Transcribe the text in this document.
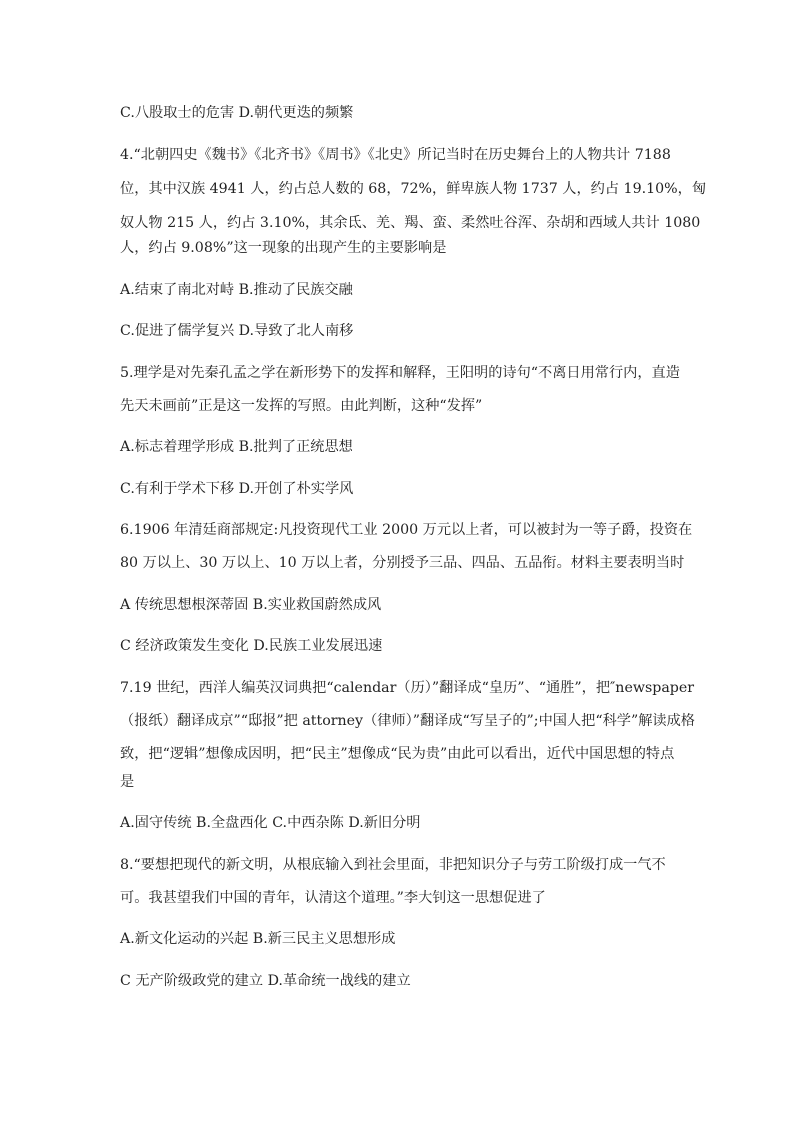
C.八股取士的危害 D.朝代更迭的频繁
4.“北朝四史《魏书》《北齐书》《周书》《北史》所记当时在历史舞台上的人物共计 7188
位，其中汉族 4941 人，约占总人数的 68，72%，鲜卑族人物 1737 人，约占 19.10%，匈
奴人物 215 人，约占 3.10%，其余氐、羌、羯、蛮、柔然吐谷浑、杂胡和西域人共计 1080
人，约占 9.08%”这一现象的出现产生的主要影响是
A.结束了南北对峙 B.推动了民族交融
C.促进了儒学复兴 D.导致了北人南移
5.理学是对先秦孔孟之学在新形势下的发挥和解释，王阳明的诗句“不离日用常行内，直造
先天未画前”正是这一发挥的写照。由此判断，这种“发挥”
A.标志着理学形成 B.批判了正统思想
C.有利于学术下移 D.开创了朴实学风
6.1906 年清廷商部规定:凡投资现代工业 2000 万元以上者，可以被封为一等子爵，投资在
80 万以上、30 万以上、10 万以上者，分别授予三品、四品、五品衔。材料主要表明当时
A 传统思想根深蒂固 B.实业救国蔚然成风
C 经济政策发生变化 D.民族工业发展迅速
7.19 世纪，西洋人编英汉词典把“calendar（历）”翻译成“皇历”、“通胜”，把″newspaper
（报纸）翻译成京”“邸报”把 attorney（律师）”翻译成“写呈子的”;中国人把“科学”解读成格
致，把“逻辑”想像成因明，把“民主”想像成“民为贵”由此可以看出，近代中国思想的特点
是
A.固守传统 B.全盘西化 C.中西杂陈 D.新旧分明
8.“要想把现代的新文明，从根底输入到社会里面，非把知识分子与劳工阶级打成一气不
可。我甚望我们中国的青年，认清这个道理。”李大钊这一思想促进了
A.新文化运动的兴起 B.新三民主义思想形成
C 无产阶级政党的建立 D.革命统一战线的建立
